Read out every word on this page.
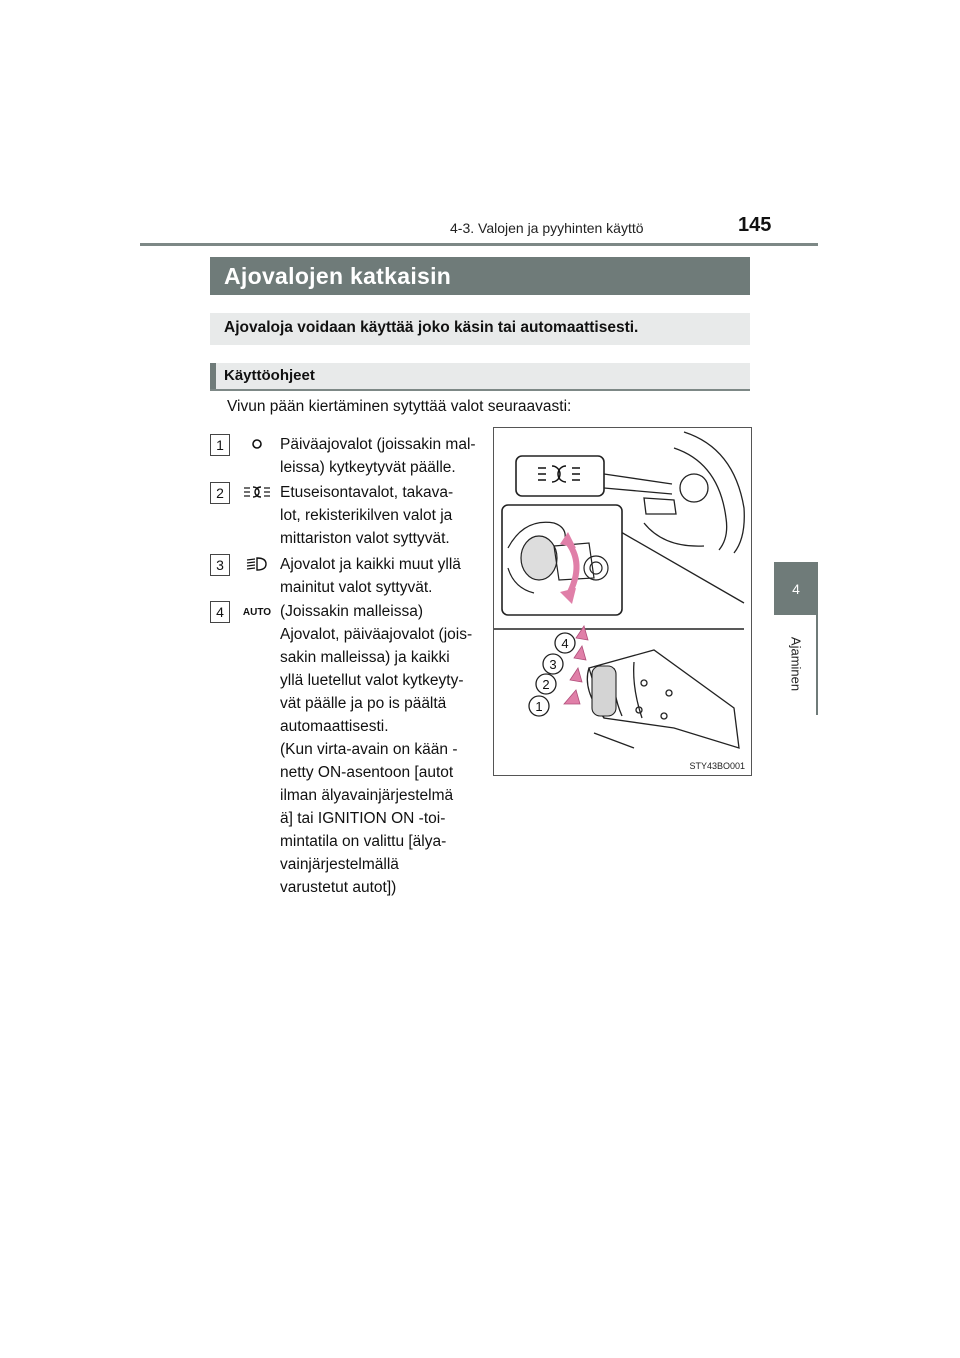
4-3. Valojen ja pyyhinten käyttö	145
4
Ajaminen
Ajovalojen katkaisin
Ajovaloja voidaan käyttää joko käsin tai automaattisesti.
Käyttöohjeet
Vivun pään kiertäminen sytyttää valot seuraavasti:
1	Päiväajovalot (joissakin mal-
leissa) kytkeytyvät päälle.
2	Etuseisontavalot, takava-
lot, rekisterikilven valot ja
mittariston valot syttyvät.
3	Ajovalot ja kaikki muut yllä
mainitut valot syttyvät.
4	AUTO (Joissakin malleissa)
Ajovalot, päiväajovalot (jois-
sakin malleissa) ja kaikki
yllä luetellut valot kytkeyty-
vät päälle ja po is päältä
automaattisesti.
(Kun virta-avain on kään -
netty ON-asentoon [autot
ilman älyavainjärjestelmä
ä] tai IGNITION ON -toi-
mintatila on valittu [älya-
vainjärjestelmällä
varustetut autot])
4
3
2
1
STY43BO001
